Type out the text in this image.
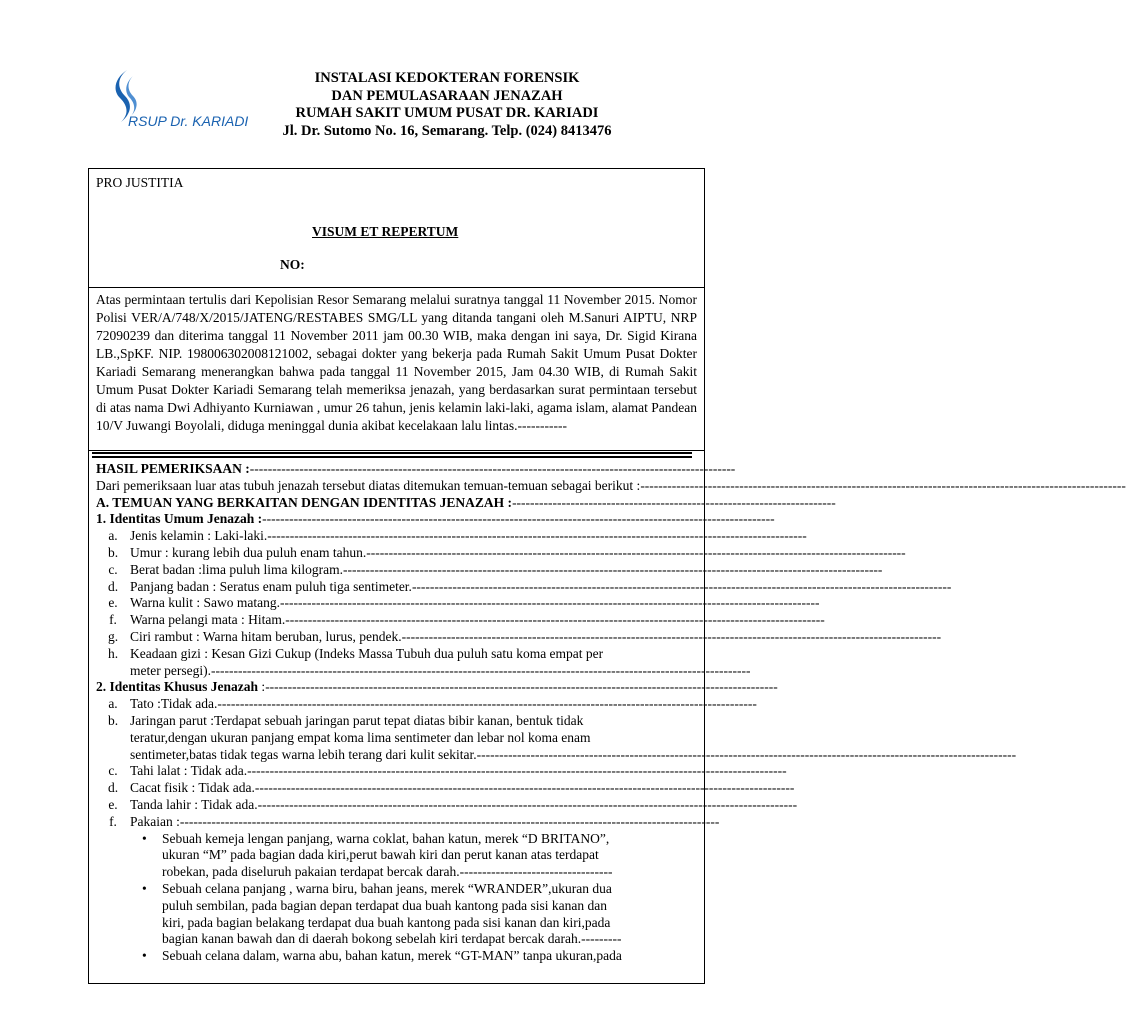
RSUP Dr. KARIADI
INSTALASI KEDOKTERAN FORENSIK
DAN PEMULASARAAN JENAZAH
RUMAH SAKIT UMUM PUSAT DR. KARIADI
Jl. Dr. Sutomo No. 16, Semarang. Telp. (024) 8413476
PRO JUSTITIA
VISUM ET REPERTUM
NO:
Atas permintaan tertulis dari Kepolisian Resor Semarang melalui suratnya tanggal 11 November 2015. Nomor Polisi VER/A/748/X/2015/JATENG/RESTABES SMG/LL yang ditanda tangani oleh M.Sanuri AIPTU, NRP 72090239 dan diterima tanggal 11 November 2011 jam 00.30 WIB, maka dengan ini saya, Dr. Sigid Kirana LB.,SpKF. NIP. 198006302008121002, sebagai dokter yang bekerja pada Rumah Sakit Umum Pusat Dokter Kariadi Semarang menerangkan bahwa pada tanggal 11 November 2015, Jam 04.30 WIB, di Rumah Sakit Umum Pusat Dokter Kariadi Semarang telah memeriksa jenazah, yang berdasarkan surat permintaan tersebut di atas nama Dwi Adhiyanto Kurniawan , umur 26 tahun, jenis kelamin laki-laki, agama islam, alamat Pandean 10/V Juwangi Boyolali, diduga meninggal dunia akibat kecelakaan lalu lintas.-----------
HASIL PEMERIKSAAN :------------------------------------------------------------------------------------------------------------
Dari pemeriksaan luar atas tubuh jenazah tersebut diatas ditemukan temuan-temuan sebagai berikut :------------------------------------------------------------------------------------------------------------
A. TEMUAN YANG BERKAITAN DENGAN IDENTITAS JENAZAH :------------------------------------------------------------------------
1. Identitas Umum Jenazah :------------------------------------------------------------------------------------------------------------------
a. Jenis kelamin : Laki-laki.------------------------------------------------------------------------------------------------------------------------
b. Umur : kurang lebih dua puluh enam tahun.------------------------------------------------------------------------------------------------------------------------
c. Berat badan :lima puluh lima kilogram.------------------------------------------------------------------------------------------------------------------------
d. Panjang badan : Seratus enam puluh tiga sentimeter.------------------------------------------------------------------------------------------------------------------------
e. Warna kulit : Sawo matang.------------------------------------------------------------------------------------------------------------------------
f. Warna pelangi mata : Hitam.------------------------------------------------------------------------------------------------------------------------
g. Ciri rambut : Warna hitam beruban, lurus, pendek.------------------------------------------------------------------------------------------------------------------------
h. Keadaan gizi : Kesan Gizi Cukup (Indeks Massa Tubuh dua puluh satu koma empat per
meter persegi).------------------------------------------------------------------------------------------------------------------------
2. Identitas Khusus Jenazah :------------------------------------------------------------------------------------------------------------------
a. Tato :Tidak ada.------------------------------------------------------------------------------------------------------------------------
b. Jaringan parut :Terdapat sebuah jaringan parut tepat diatas bibir kanan, bentuk tidak
teratur,dengan ukuran panjang empat koma lima sentimeter dan lebar nol koma enam
sentimeter,batas tidak tegas warna lebih terang dari kulit sekitar.------------------------------------------------------------------------------------------------------------------------
c. Tahi lalat : Tidak ada.------------------------------------------------------------------------------------------------------------------------
d. Cacat fisik : Tidak ada.------------------------------------------------------------------------------------------------------------------------
e. Tanda lahir : Tidak ada.------------------------------------------------------------------------------------------------------------------------
f. Pakaian :------------------------------------------------------------------------------------------------------------------------
•	Sebuah kemeja lengan panjang, warna coklat, bahan katun, merek “D BRITANO”,
ukuran “M” pada bagian dada kiri,perut bawah kiri dan perut kanan atas terdapat
robekan, pada diseluruh pakaian terdapat bercak darah.----------------------------------
•	Sebuah celana panjang , warna biru, bahan jeans, merek “WRANDER”,ukuran dua
puluh sembilan, pada bagian depan terdapat dua buah kantong pada sisi kanan dan
kiri, pada bagian belakang terdapat dua buah kantong pada sisi kanan dan kiri,pada
bagian kanan bawah dan di daerah bokong sebelah kiri terdapat bercak darah.---------
•	Sebuah celana dalam, warna abu, bahan katun, merek “GT-MAN” tanpa ukuran,pada
